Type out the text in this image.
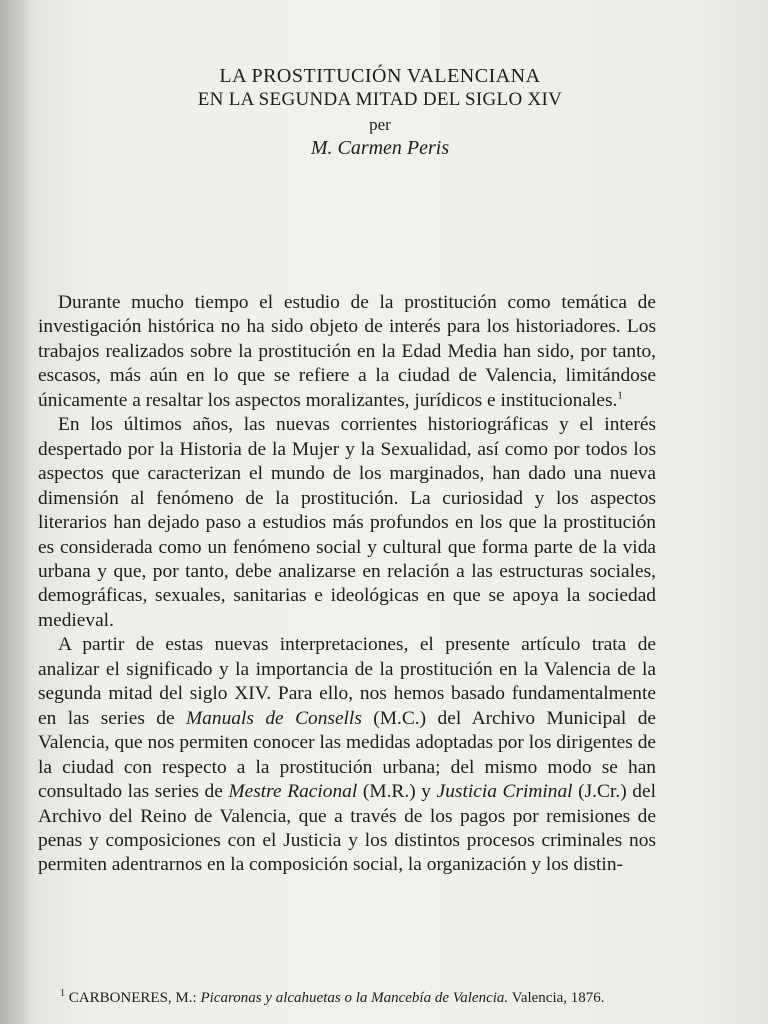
LA PROSTITUCIÓN VALENCIANA

EN LA SEGUNDA MITAD DEL SIGLO XIV

per
M. Carmen Peris

Durante mucho tiempo el estudio de la prostitución como temática de investigación histórica no ha sido objeto de interés para los historiadores. Los trabajos realizados sobre la prostitución en la Edad Media han sido, por tanto, escasos, más aún en lo que se refiere a la ciudad de Valencia, limitándose únicamente a resaltar los aspectos moralizantes, jurídicos e institucionales.$^1$

En los últimos años, las nuevas corrientes historiográficas y el interés despertado por la Historia de la Mujer y la Sexualidad, así como por todos los aspectos que caracterizan el mundo de los marginados, han dado una nueva dimensión al fenómeno de la prostitución. La curiosidad y los aspectos literarios han dejado paso a estudios más profundos en los que la prostitución es considerada como un fenómeno social y cultural que forma parte de la vida urbana y que, por tanto, debe analizarse en relación a las estructuras sociales, demográficas, sexuales, sanitarias e ideológicas en que se apoya la sociedad medieval.

A partir de estas nuevas interpretaciones, el presente artículo trata de analizar el significado y la importancia de la prostitución en la Valencia de la segunda mitad del siglo XIV. Para ello, nos hemos basado fundamentalmente en las series de Manuals de Consells (M.C.) del Archivo Municipal de Valencia, que nos permiten conocer las medidas adoptadas por los dirigentes de la ciudad con respecto a la prostitución urbana; del mismo modo se han consultado las series de Mestre Racional (M.R.) y Justicia Criminal (J.Cr.) del Archivo del Reino de Valencia, que a través de los pagos por remisiones de penas y composiciones con el Justicia y los distintos procesos criminales nos permiten adentrarnos en la composición social, la organización y los distin-

$^1$ CARBONERES, M.: Picaronas y alcahuetas o la Mancebía de Valencia. Valencia, 1876.
